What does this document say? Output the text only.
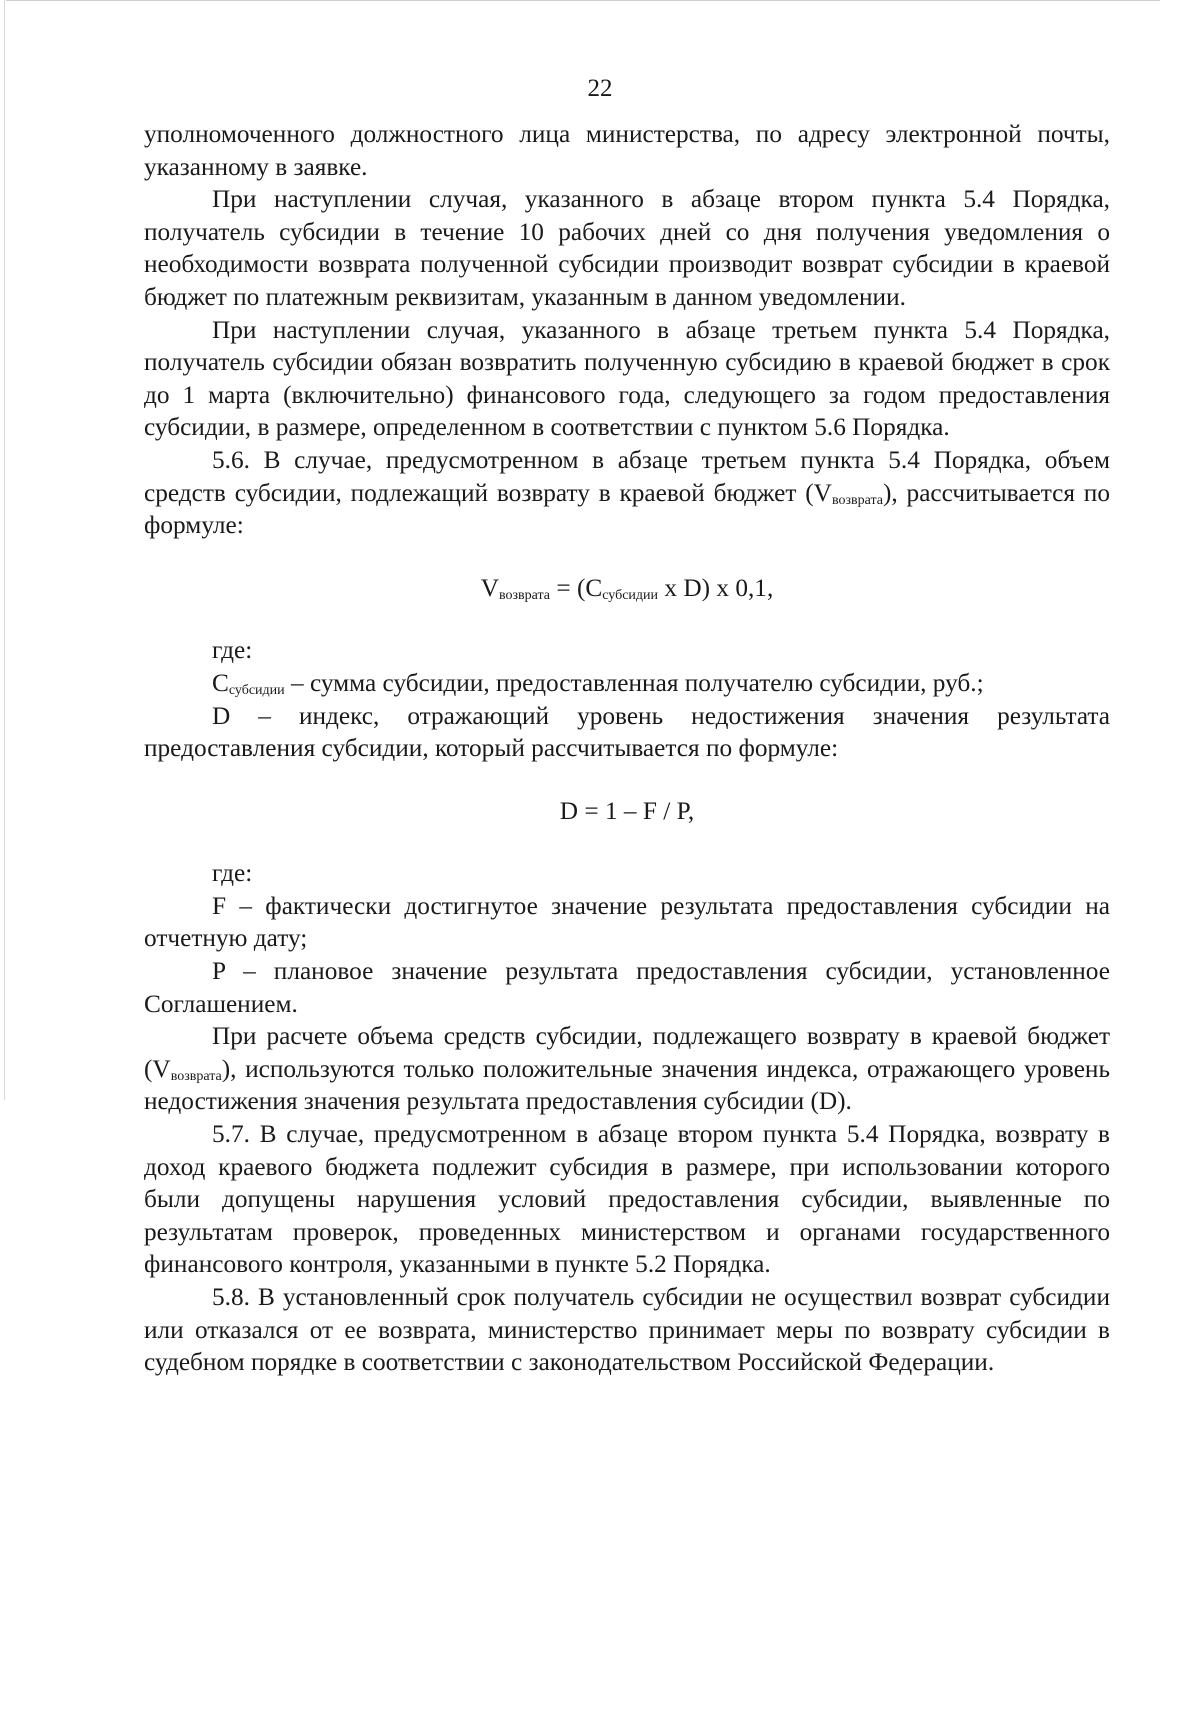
22

уполномоченного должностного лица министерства, по адресу электронной почты, указанному в заявке.

При наступлении случая, указанного в абзаце втором пункта 5.4 Порядка, получатель субсидии в течение 10 рабочих дней со дня получения уведомления о необходимости возврата полученной субсидии производит возврат субсидии в краевой бюджет по платежным реквизитам, указанным в данном уведомлении.

При наступлении случая, указанного в абзаце третьем пункта 5.4 Порядка, получатель субсидии обязан возвратить полученную субсидию в краевой бюджет в срок до 1 марта (включительно) финансового года, следующего за годом предоставления субсидии, в размере, определенном в соответствии с пунктом 5.6 Порядка.

5.6. В случае, предусмотренном в абзаце третьем пункта 5.4 Порядка, объем средств субсидии, подлежащий возврату в краевой бюджет $(V_{возврата})$, рассчитывается по формуле:

$V_{возврата} = (C_{субсидии}$ x D) x 0,1,

где:

$C_{субсидии}$ – сумма субсидии, предоставленная получателю субсидии, руб.;

D – индекс, отражающий уровень недостижения значения результата предоставления субсидии, который рассчитывается по формуле:

D = 1 – F / P,

где:

F – фактически достигнутое значение результата предоставления субсидии на отчетную дату;

P – плановое значение результата предоставления субсидии, установленное Соглашением.

При расчете объема средств субсидии, подлежащего возврату в краевой бюджет $(V_{возврата})$, используются только положительные значения индекса, отражающего уровень недостижения значения результата предоставления субсидии (D).

5.7. В случае, предусмотренном в абзаце втором пункта 5.4 Порядка, возврату в доход краевого бюджета подлежит субсидия в размере, при использовании которого были допущены нарушения условий предоставления субсидии, выявленные по результатам проверок, проведенных министерством и органами государственного финансового контроля, указанными в пункте 5.2 Порядка.

5.8. В установленный срок получатель субсидии не осуществил возврат субсидии или отказался от ее возврата, министерство принимает меры по возврату субсидии в судебном порядке в соответствии с законодательством Российской Федерации.
